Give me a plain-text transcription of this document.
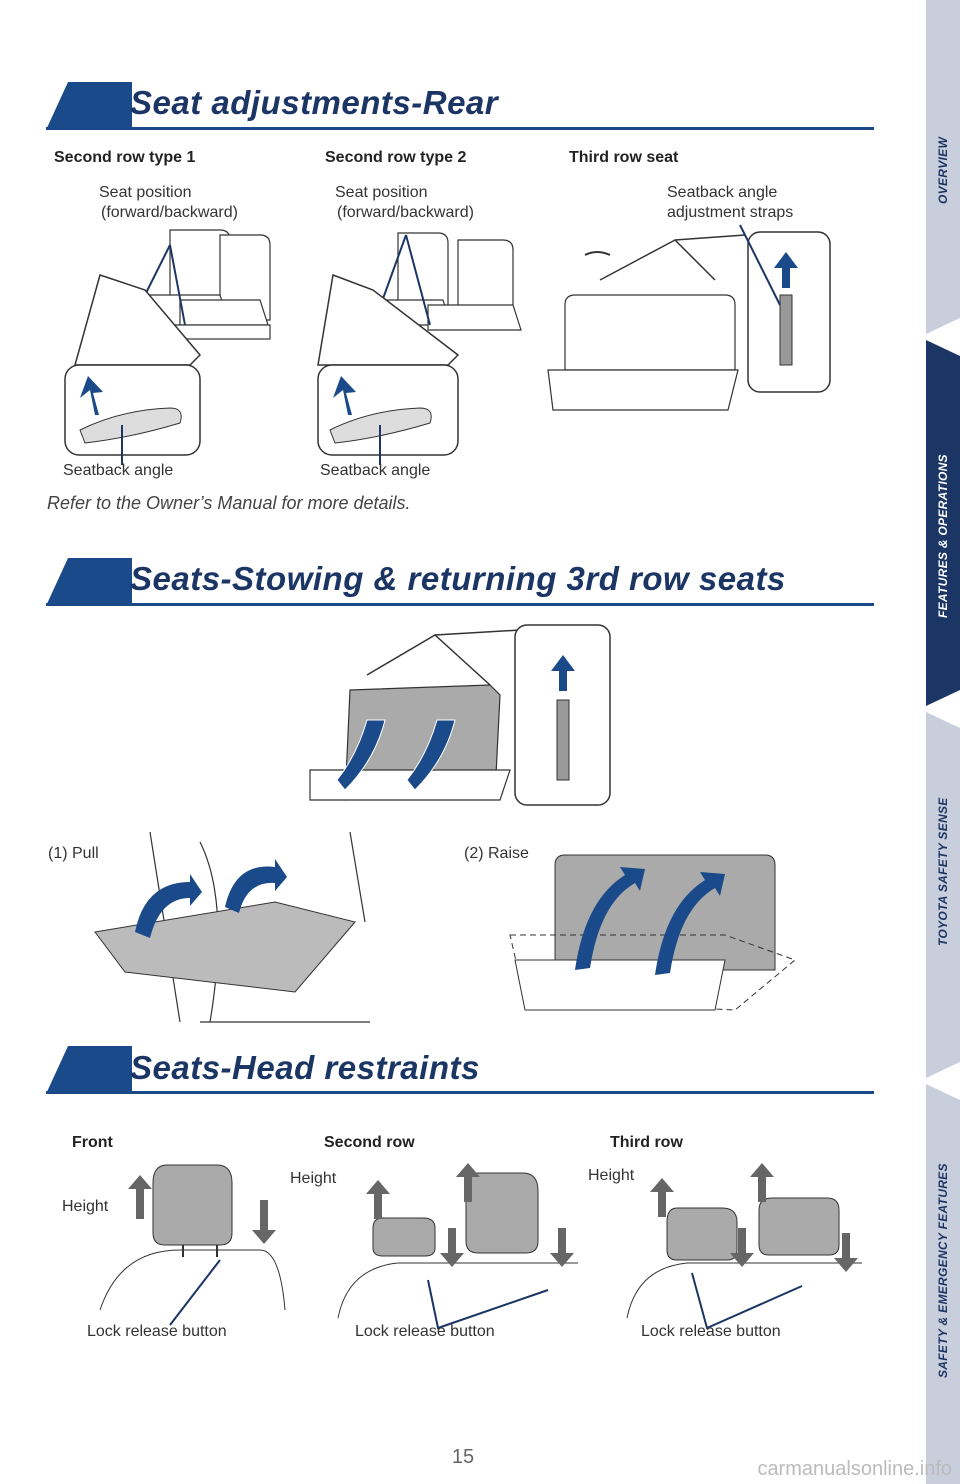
Seat adjustments-Rear
Second row type 1	Second row type 2	Third row seat
Seat position
(forward/backward)
Seat position
(forward/backward)
Seatback angle
adjustment straps
Seatback angle	Seatback angle
Refer to the Owner’s Manual for more details.
Seats-Stowing & returning 3rd row seats
(1) Pull	(2) Raise
Seats-Head restraints
Front	Second row	Third row
Height
Height	Height
Lock release button	Lock release button	Lock release button
OVERVIEW
FEATURES & OPERATIONS
TOYOTA SAFETY SENSE
SAFETY & EMERGENCY FEATURES
15
carmanualsonline.info
